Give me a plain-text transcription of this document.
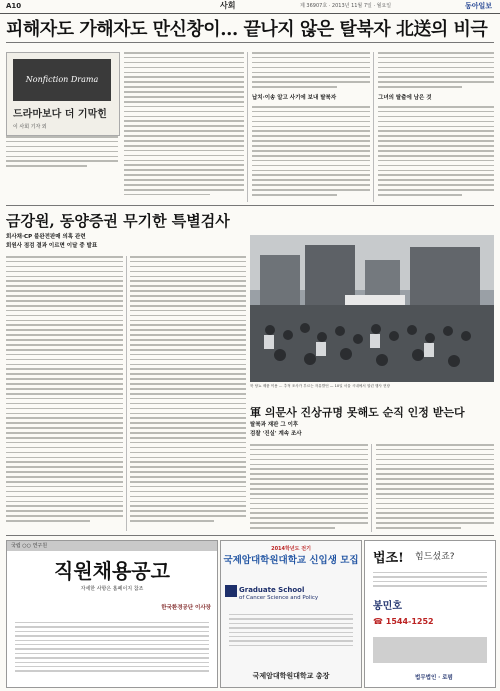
A10	사회	제 36907호 · 2013년 11월 7일 · 월요일	동아일보
피해자도 가해자도 만신창이… 끝나지 않은 탈북자 北送의 비극
Nonfiction Drama
드라마보다 더 기막힌
이 사회 기자 외
납치·이송 알고 사기에 보내 탈북자	그녀의 탈출에 남은 것
금강원, 동양증권 무기한 특별검사
회사채·CP 불완전판매 의혹 관련
회원사 점검 결과 이르면 이달 중 발표
북 당뇨 제품 이용 … 추적 조사가 부르는 자유발언 — 10일 서울 시내에서 열린 행사 현장
軍 의문사 진상규명 못해도 순직 인정 받는다
탈북과 재판 그 이후
검찰 '진실' 계속 조사
국립 ○○ 연구원
직원채용공고
자세한 사항은 홈페이지 참조
한국환경공단 이사장
2014학년도 전기
국제암대학원대학교 신입생 모집
Graduate School
of Cancer Science and Policy
국제암대학원대학교 총장
법조! 힘드셨죠?
봉민호
☎ 1544-1252
법무법인 · 로펌
